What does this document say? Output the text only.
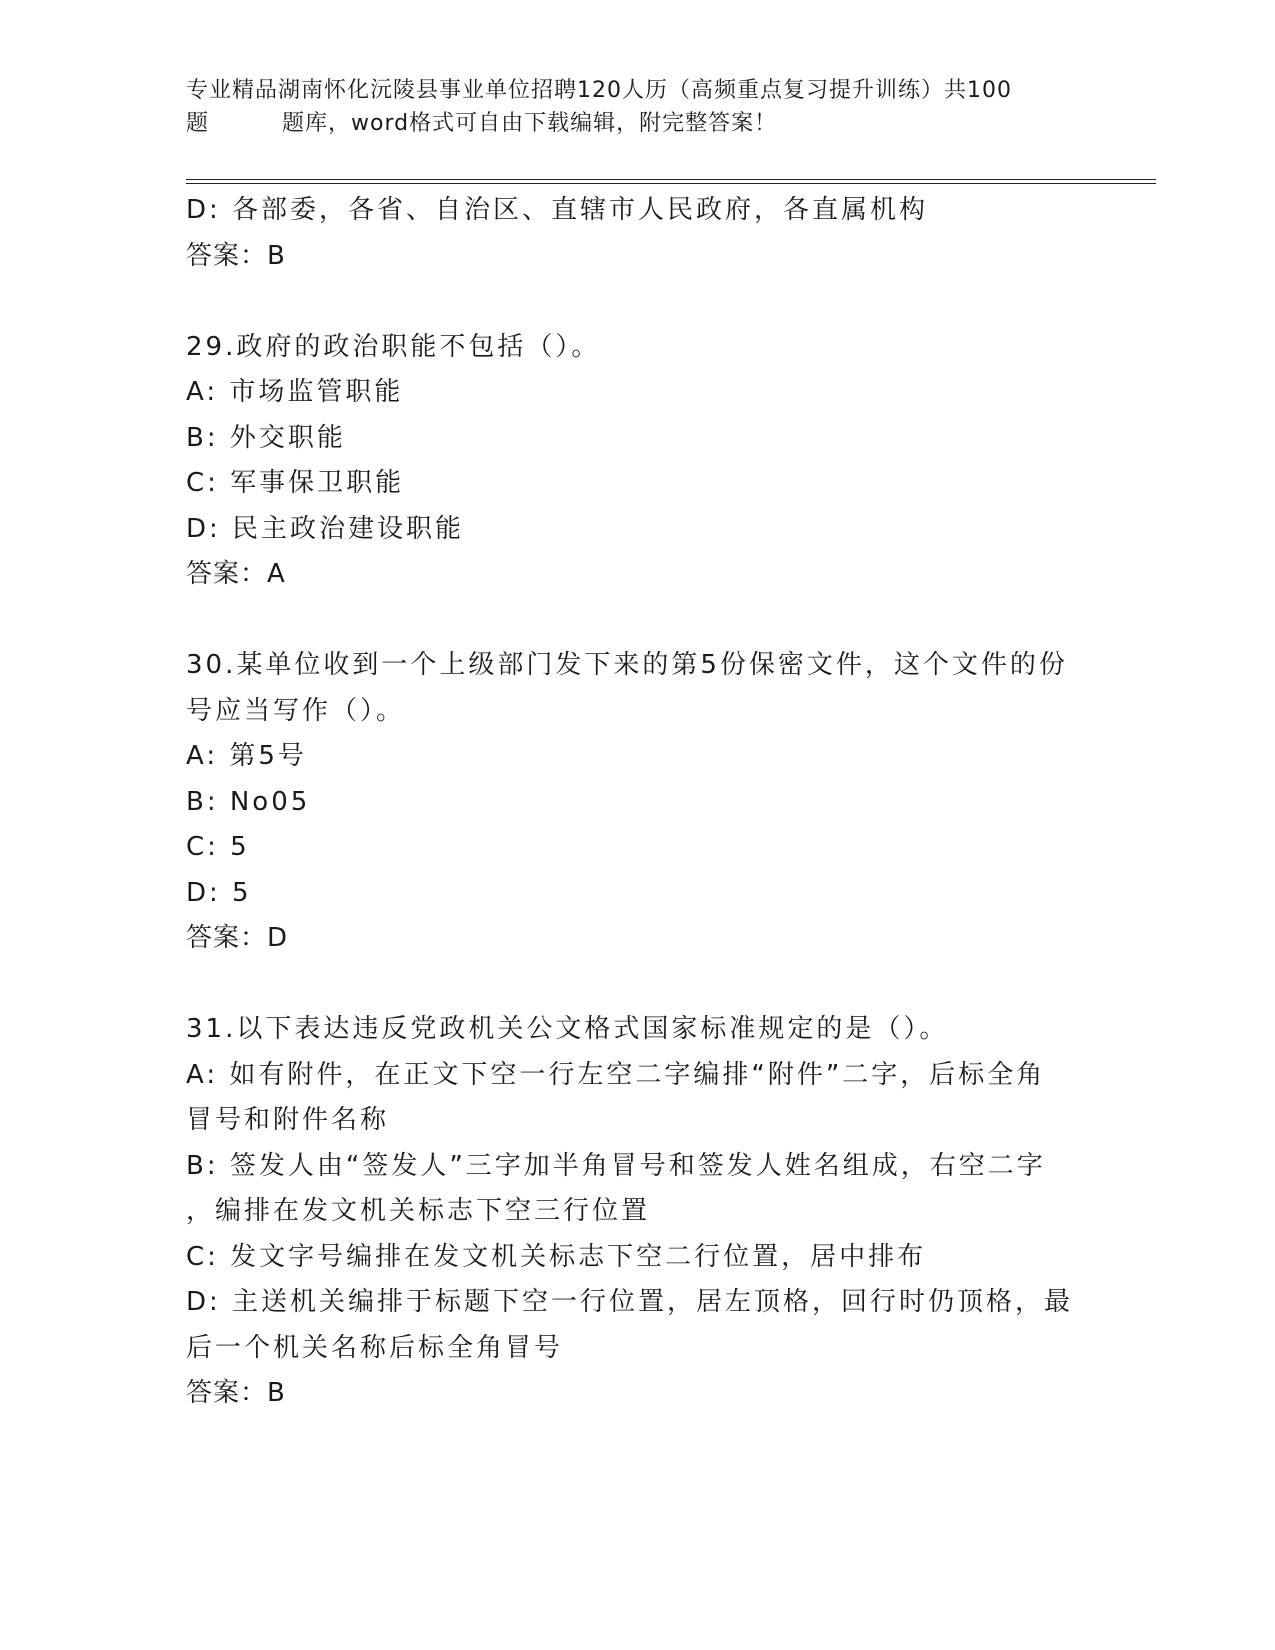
专业精品湖南怀化沅陵县事业单位招聘120人历（高频重点复习提升训练）共100
题	题库，word格式可自由下载编辑，附完整答案！
D: 各部委，各省、自治区、直辖市人民政府，各直属机构
答案：B
29.政府的政治职能不包括（）。
A: 市场监管职能
B: 外交职能
C: 军事保卫职能
D: 民主政治建设职能
答案：A
30.某单位收到一个上级部门发下来的第5份保密文件，这个文件的份
号应当写作（）。
A: 第5号
B: No05
C: 5
D: 5
答案：D
31.以下表达违反党政机关公文格式国家标准规定的是（）。
A: 如有附件，在正文下空一行左空二字编排“附件”二字，后标全角
冒号和附件名称
B: 签发人由“签发人”三字加半角冒号和签发人姓名组成，右空二字
，编排在发文机关标志下空三行位置
C: 发文字号编排在发文机关标志下空二行位置，居中排布
D: 主送机关编排于标题下空一行位置，居左顶格，回行时仍顶格，最
后一个机关名称后标全角冒号
答案：B
